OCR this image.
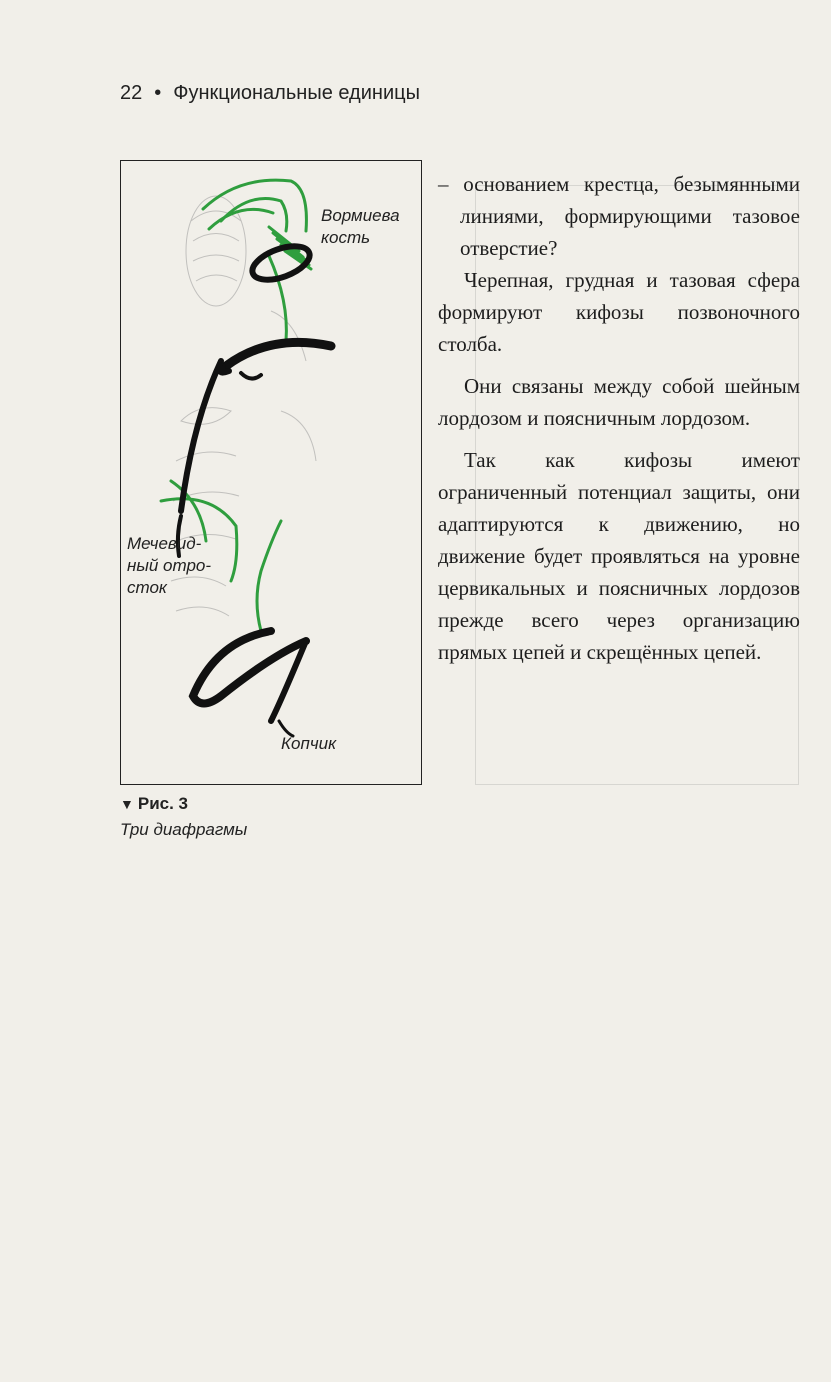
22 • Функциональные единицы
Вормиева
кость
Мечевид-
ный отро-
сток
Копчик
▼ Рис. 3
Три диафрагмы

– основанием крестца, безымянными линиями, формирующими тазовое отверстие?

Черепная, грудная и тазовая сфера формируют кифозы позвоночного столба.

Они связаны между собой шейным лордозом и поясничным лордозом.

Так как кифозы имеют ограниченный потенциал защиты, они адаптируются к движению, но движение будет проявляться на уровне цервикальных и поясничных лордозов прежде всего через организацию прямых цепей и скрещённых цепей.
